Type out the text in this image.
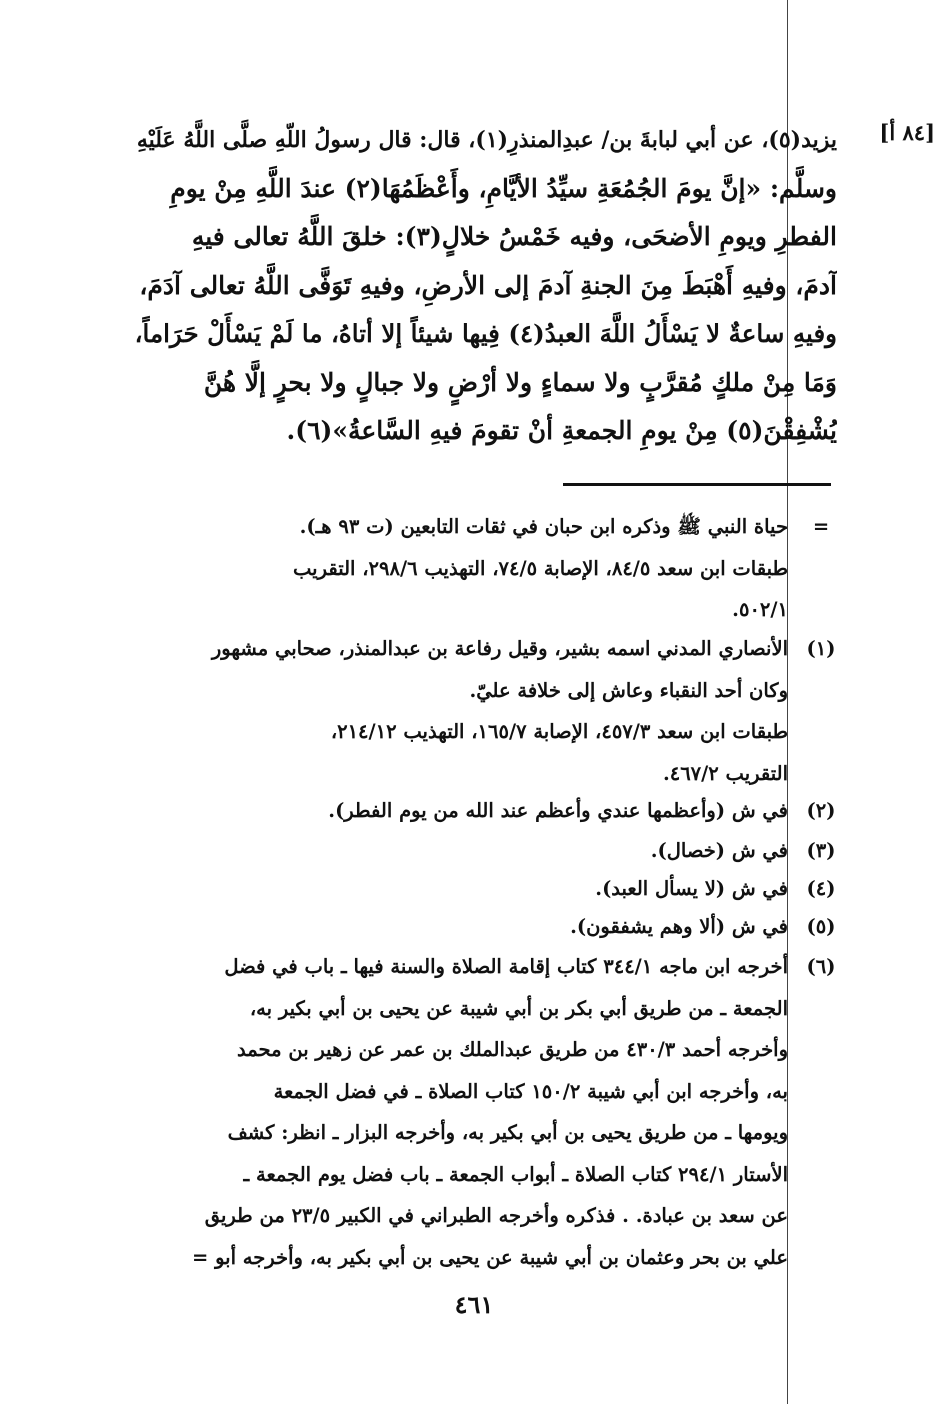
[٨٤ أ]
يزيد(٥)، عن أبي لبابةَ بن/ عبدِالمنذرِ(١)، قال: قال رسولُ اللّهِ صلَّى اللَّهُ عَلَيْهِ
وسلَّم: «إنَّ يومَ الجُمُعَةِ سيِّدُ الأيَّامِ، وأَعْظَمُهَا(٢) عندَ اللَّهِ مِنْ يومِ
الفطرِ ويومِ الأضحَى، وفيه خَمْسُ خلالٍ(٣): خلقَ اللَّهُ تعالى فيهِ
آدمَ، وفيهِ أَهْبَطَ مِنَ الجنةِ آدمَ إلى الأرضِ، وفيهِ تَوَفَّى اللَّهُ تعالى آدَمَ،
وفيهِ ساعةٌ لا يَسْأَلُ اللَّهَ العبدُ(٤) فِيها شيئاً إلا أتاهُ، ما لَمْ يَسْأَلْ حَرَاماً،
وَمَا مِنْ ملكٍ مُقرَّبٍ ولا سماءٍ ولا أرْضٍ ولا جبالٍ ولا بحرٍ إلَّا هُنَّ
يُشْفِقْنَ(٥) مِنْ يومِ الجمعةِ أنْ تقومَ فيهِ السَّاعةُ»(٦).
=
حياة النبي ﷺ وذكره ابن حبان في ثقات التابعين (ت ٩٣ هـ).
طبقات ابن سعد ٨٤/٥، الإصابة ٧٤/٥، التهذيب ٢٩٨/٦، التقريب
٥٠٢/١.
(١)
الأنصاري المدني اسمه بشير، وقيل رفاعة بن عبدالمنذر، صحابي مشهور
وكان أحد النقباء وعاش إلى خلافة عليّ.
طبقات ابن سعد ٤٥٧/٣، الإصابة ١٦٥/٧، التهذيب ٢١٤/١٢،
التقريب ٤٦٧/٢.
(٢)
في ش (وأعظمها عندي وأعظم عند الله من يوم الفطر).
(٣)
في ش (خصال).
(٤)
في ش (لا يسأل العبد).
(٥)
في ش (ألا وهم يشفقون).
(٦)
أخرجه ابن ماجه ٣٤٤/١ كتاب إقامة الصلاة والسنة فيها ـ باب في فضل
الجمعة ـ من طريق أبي بكر بن أبي شيبة عن يحيى بن أبي بكير به،
وأخرجه أحمد ٤٣٠/٣ من طريق عبدالملك بن عمر عن زهير بن محمد
به، وأخرجه ابن أبي شيبة ١٥٠/٢ كتاب الصلاة ـ في فضل الجمعة
ويومها ـ من طريق يحيى بن أبي بكير به، وأخرجه البزار ـ انظر: كشف
الأستار ٢٩٤/١ كتاب الصلاة ـ أبواب الجمعة ـ باب فضل يوم الجمعة ـ
عن سعد بن عبادة. . فذكره وأخرجه الطبراني في الكبير ٢٣/٥ من طريق
علي بن بحر وعثمان بن أبي شيبة عن يحيى بن أبي بكير به، وأخرجه أبو =
٤٦١
